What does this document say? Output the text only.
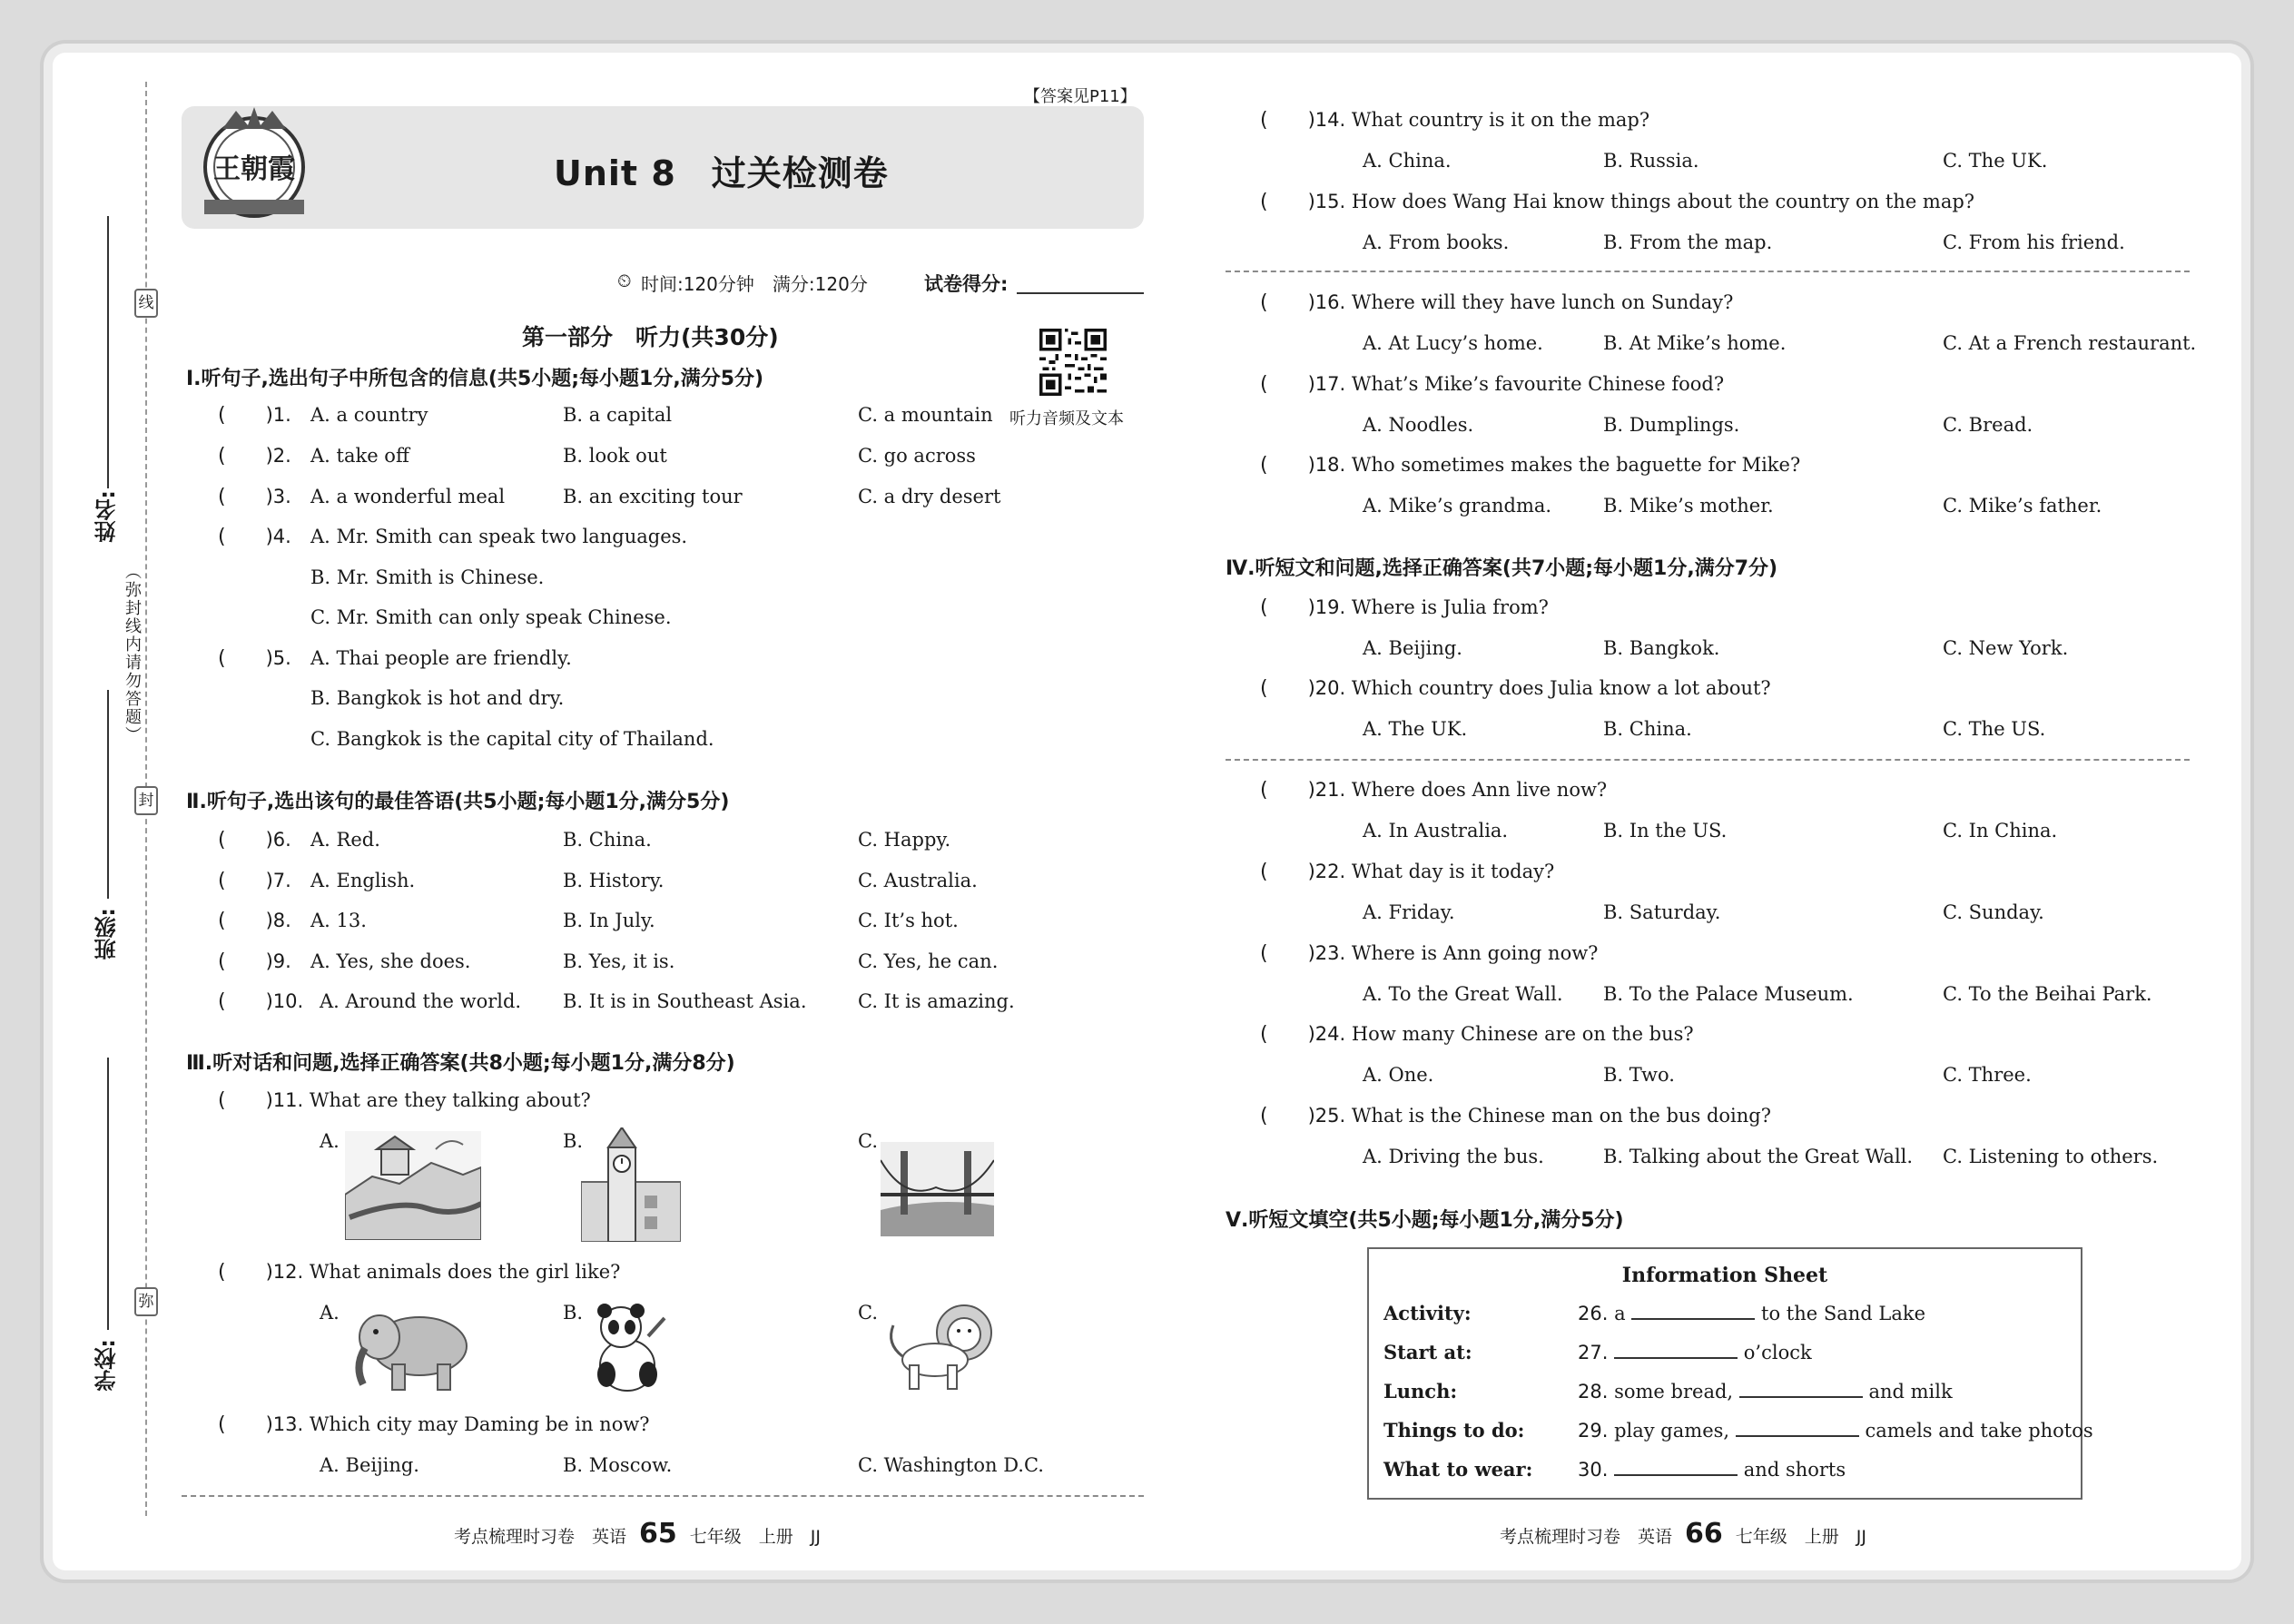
线
封
弥
（弥封线内请勿答题）
姓名:
班级:
学校:
【答案见P11】
王朝霞	Unit 8　过关检测卷
⏲ 时间:120分钟　满分:120分	试卷得分:
听力音频及文本
第一部分　听力(共30分)
Ⅰ.听句子,选出句子中所包含的信息(共5小题;每小题1分,满分5分)
( )1. A. a country	B. a capital	C. a mountain
( )2. A. take off	B. look out	C. go across
( )3. A. a wonderful meal	B. an exciting tour	C. a dry desert
( )4. A. Mr. Smith can speak two languages.
B. Mr. Smith is Chinese.
C. Mr. Smith can only speak Chinese.
( )5. A. Thai people are friendly.
B. Bangkok is hot and dry.
C. Bangkok is the capital city of Thailand.
Ⅱ.听句子,选出该句的最佳答语(共5小题;每小题1分,满分5分)
( )6. A. Red.	B. China.	C. Happy.
( )7. A. English.	B. History.	C. Australia.
( )8. A. 13.	B. In July.	C. It’s hot.
( )9. A. Yes, she does.	B. Yes, it is.	C. Yes, he can.
( )10. A. Around the world. B. It is in Southeast Asia.	C. It is amazing.
Ⅲ.听对话和问题,选择正确答案(共8小题;每小题1分,满分8分)
( )11. What are they talking about?
A.	B.	C.
( )12. What animals does the girl like?
A.	B.	C.
( )13. Which city may Daming be in now?
A. Beijing.	B. Moscow.	C. Washington D.C.
( )14. What country is it on the map?
A. China.	B. Russia.	C. The UK.
( )15. How does Wang Hai know things about the country on the map?
A. From books.	B. From the map.	C. From his friend.
( )16. Where will they have lunch on Sunday?
A. At Lucy’s home.	B. At Mike’s home.	C. At a French restaurant.
( )17. What’s Mike’s favourite Chinese food?
A. Noodles.	B. Dumplings.	C. Bread.
( )18. Who sometimes makes the baguette for Mike?
A. Mike’s grandma.	B. Mike’s mother.	C. Mike’s father.
Ⅳ.听短文和问题,选择正确答案(共7小题;每小题1分,满分7分)
( )19. Where is Julia from?
A. Beijing.	B. Bangkok.	C. New York.
( )20. Which country does Julia know a lot about?
A. The UK.	B. China.	C. The US.
( )21. Where does Ann live now?
A. In Australia.	B. In the US.	C. In China.
( )22. What day is it today?
A. Friday.	B. Saturday.	C. Sunday.
( )23. Where is Ann going now?
A. To the Great Wall. B. To the Palace Museum.	C. To the Beihai Park.
( )24. How many Chinese are on the bus?
A. One.	B. Two.	C. Three.
( )25. What is the Chinese man on the bus doing?
A. Driving the bus.	B. Talking about the Great Wall. C. Listening to others.
Ⅴ.听短文填空(共5小题;每小题1分,满分5分)
Information Sheet
Activity:	26. a	to the Sand Lake
Start at:	27.	o’clock
Lunch:	28. some bread,	and milk
Things to do:	29. play games,	camels and take photos
What to wear: 30.	and shorts
考点梳理时习卷　英语 65 七年级　上册　JJ	考点梳理时习卷　英语 66 七年级　上册　JJ
